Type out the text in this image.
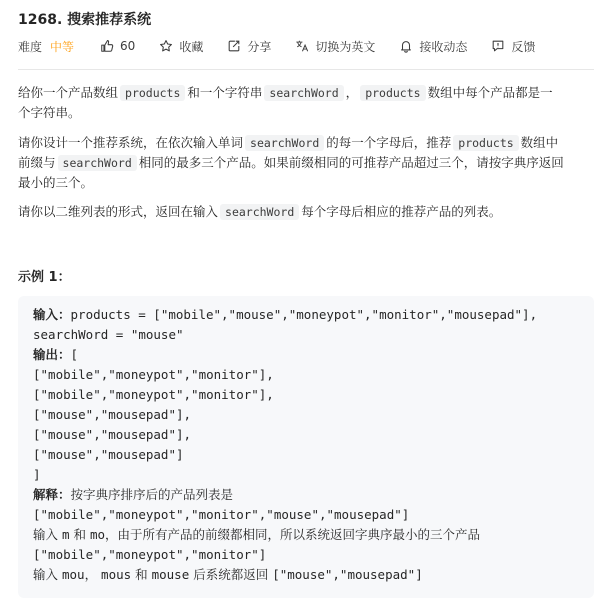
1268. 搜索推荐系统
难度 中等	60	收藏	分享	切换为英文	接收动态	反馈
给你一个产品数组 products 和一个字符串 searchWord ， products 数组中每个产品都是一
个字符串。
请你设计一个推荐系统，在依次输入单词 searchWord 的每一个字母后，推荐 products 数组中
前缀与 searchWord 相同的最多三个产品。如果前缀相同的可推荐产品超过三个，请按字典序返回
最小的三个。
请你以二维列表的形式，返回在输入 searchWord 每个字母后相应的推荐产品的列表。
示例 1：
输入：products = ["mobile","mouse","moneypot","monitor","mousepad"],
searchWord = "mouse"
输出：[
["mobile","moneypot","monitor"],
["mobile","moneypot","monitor"],
["mouse","mousepad"],
["mouse","mousepad"],
["mouse","mousepad"]
]
解释：按字典序排序后的产品列表是
["mobile","moneypot","monitor","mouse","mousepad"]
输入 m 和 mo，由于所有产品的前缀都相同，所以系统返回字典序最小的三个产品
["mobile","moneypot","monitor"]
输入 mou， mous 和 mouse 后系统都返回 ["mouse","mousepad"]
